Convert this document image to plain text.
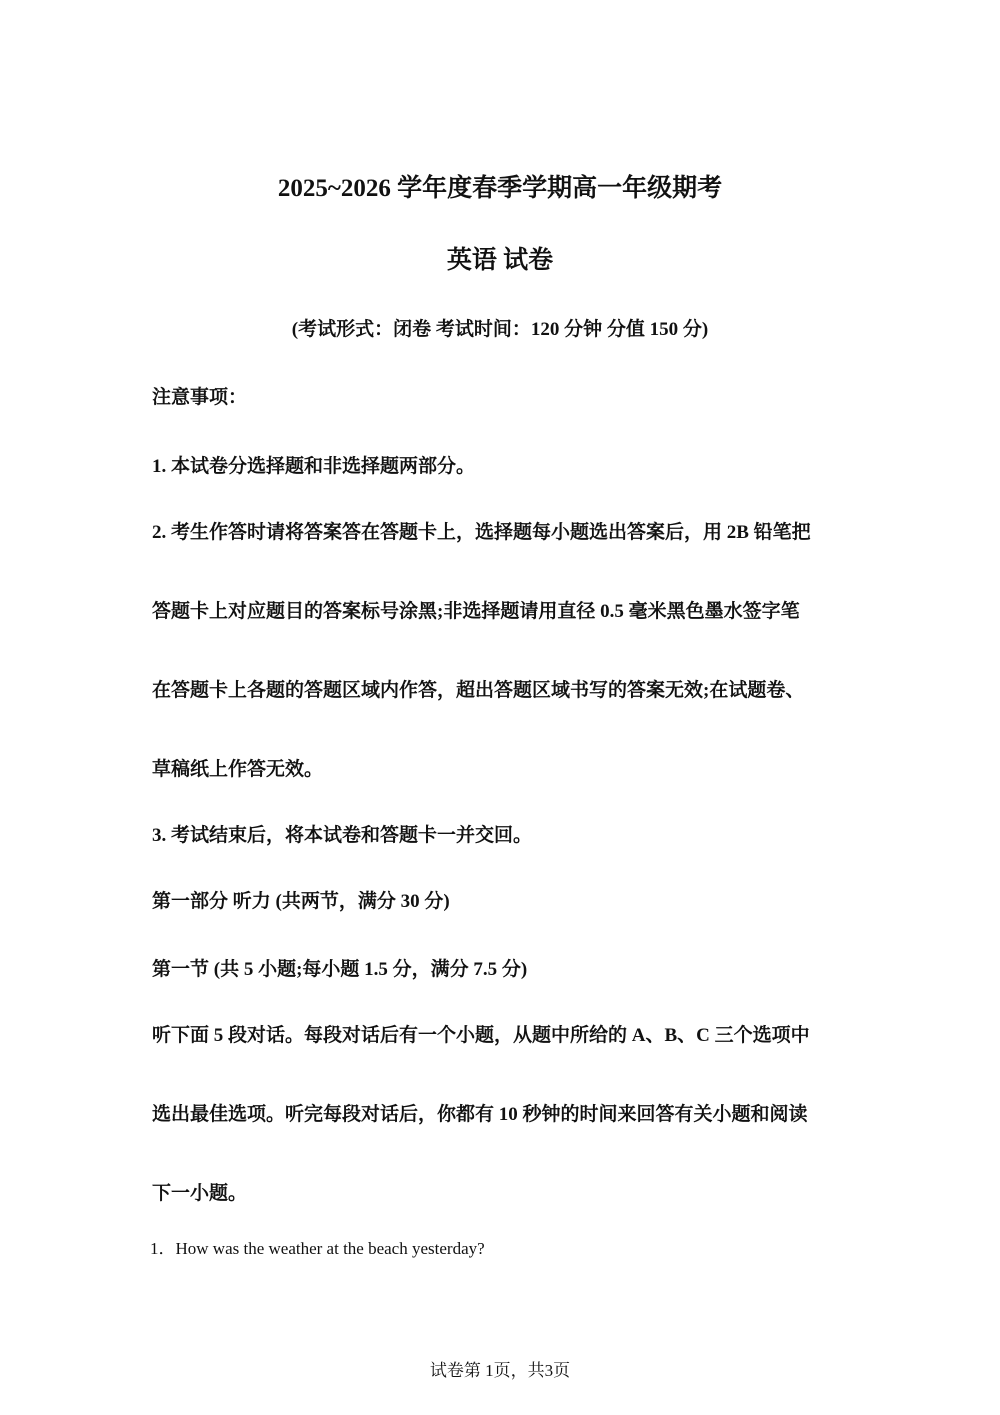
2025~2026 学年度春季学期高一年级期考
英语 试卷
(考试形式：闭卷 考试时间：120 分钟 分值 150 分)
注意事项：
1. 本试卷分选择题和非选择题两部分。
2. 考生作答时请将答案答在答题卡上，选择题每小题选出答案后，用 2B 铅笔把
答题卡上对应题目的答案标号涂黑;非选择题请用直径 0.5 毫米黑色墨水签字笔
在答题卡上各题的答题区域内作答，超出答题区域书写的答案无效;在试题卷、
草稿纸上作答无效。
3. 考试结束后，将本试卷和答题卡一并交回。
第一部分 听力 (共两节，满分 30 分)
第一节 (共 5 小题;每小题 1.5 分，满分 7.5 分)
听下面 5 段对话。每段对话后有一个小题，从题中所给的 A、B、C 三个选项中
选出最佳选项。听完每段对话后，你都有 10 秒钟的时间来回答有关小题和阅读
下一小题。
1．How was the weather at the beach yesterday?
试卷第 1页，共3页
